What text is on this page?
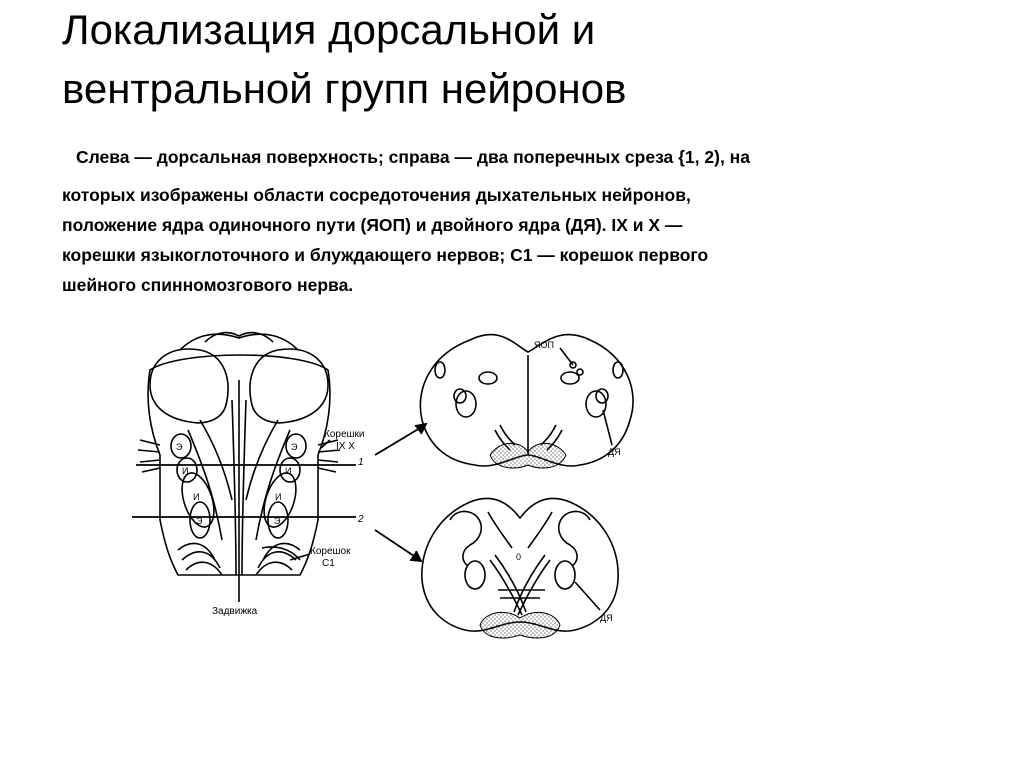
Локализация дорсальной и
вентральной групп нейронов

Слева — дорсальная поверхность; справа — два поперечных среза {1, 2), на

которых изображены области сосредоточения дыхательных нейронов,
положение ядра одиночного пути (ЯОП) и двойного ядра (ДЯ). IX и X —
корешки языкоглоточного и блуждающего нервов; С1 — корешок первого
шейного спинномозгового нерва.

Корешки
IX X
1
2
Корешок
С1
Задвижка
ЯОП
ДЯ
ДЯ
0
Э	Э
И	И
И	И
Э	Э
